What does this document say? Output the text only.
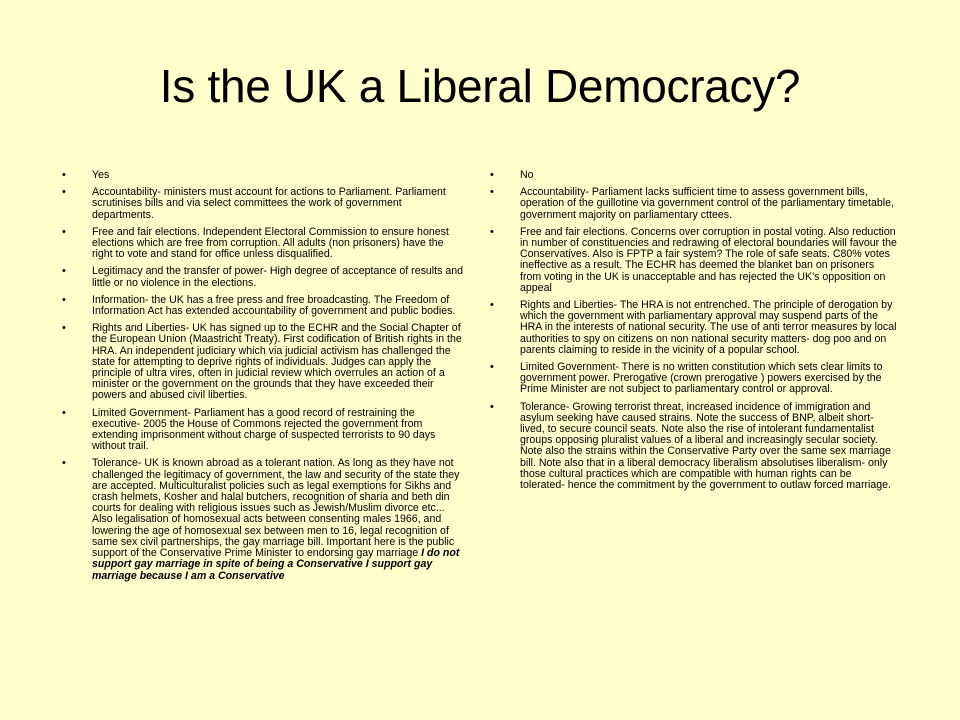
Is the UK a Liberal Democracy?
• Yes
• Accountability- ministers must account for actions to Parliament. Parliament scrutinises bills and via select committees the work of government departments.
• Free and fair elections. Independent Electoral Commission to ensure honest elections which are free from corruption. All adults (non prisoners) have the right to vote and stand for office unless disqualified.
• Legitimacy and the transfer of power- High degree of acceptance of results and little or no violence in the elections.
• Information- the UK has a free press and free broadcasting. The Freedom of Information Act has extended accountability of government and public bodies.
• Rights and Liberties- UK has signed up to the ECHR and the Social Chapter of the European Union (Maastricht Treaty). First codification of British rights in the HRA. An independent judiciary which via judicial activism has challenged the state for attempting to deprive rights of individuals. Judges can apply the principle of ultra vires, often in judicial review which overrules an action of a minister or the government on the grounds that they have exceeded their powers and abused civil liberties.
• Limited Government- Parliament has a good record of restraining the executive- 2005 the House of Commons rejected the government from extending imprisonment without charge of suspected terrorists to 90 days without trail.
• Tolerance- UK is known abroad as a tolerant nation. As long as they have not challenged the legitimacy of government, the law and security of the state they are accepted. Multiculturalist policies such as legal exemptions for Sikhs and crash helmets, Kosher and halal butchers, recognition of sharia and beth din courts for dealing with religious issues such as Jewish/Muslim divorce etc... Also legalisation of homosexual acts between consenting males 1966, and lowering the age of homosexual sex between men to 16, legal recognition of same sex civil partnerships, the gay marriage bill. Important here is the public support of the Conservative Prime Minister to endorsing gay marriage I do not support gay marriage in spite of being a Conservative I support gay marriage because I am a Conservative
• No
• Accountability- Parliament lacks sufficient time to assess government bills, operation of the guillotine via government control of the parliamentary timetable, government majority on parliamentary cttees.
• Free and fair elections. Concerns over corruption in postal voting. Also reduction in number of constituencies and redrawing of electoral boundaries will favour the Conservatives. Also is FPTP a fair system? The role of safe seats. C80% votes ineffective as a result. The ECHR has deemed the blanket ban on prisoners from voting in the UK is unacceptable and has rejected the UK's opposition on appeal
• Rights and Liberties- The HRA is not entrenched. The principle of derogation by which the government with parliamentary approval may suspend parts of the HRA in the interests of national security. The use of anti terror measures by local authorities to spy on citizens on non national security matters- dog poo and on parents claiming to reside in the vicinity of a popular school.
• Limited Government- There is no written constitution which sets clear limits to government power. Prerogative (crown prerogative ) powers exercised by the Prime Minister are not subject to parliamentary control or approval.
• Tolerance- Growing terrorist threat, increased incidence of immigration and asylum seeking have caused strains. Note the success of BNP, albeit short-lived, to secure council seats. Note also the rise of intolerant fundamentalist groups opposing pluralist values of a liberal and increasingly secular society. Note also the strains within the Conservative Party over the same sex marriage bill. Note also that in a liberal democracy liberalism absolutises liberalism- only those cultural practices which are compatible with human rights can be tolerated- hence the commitment by the government to outlaw forced marriage.
